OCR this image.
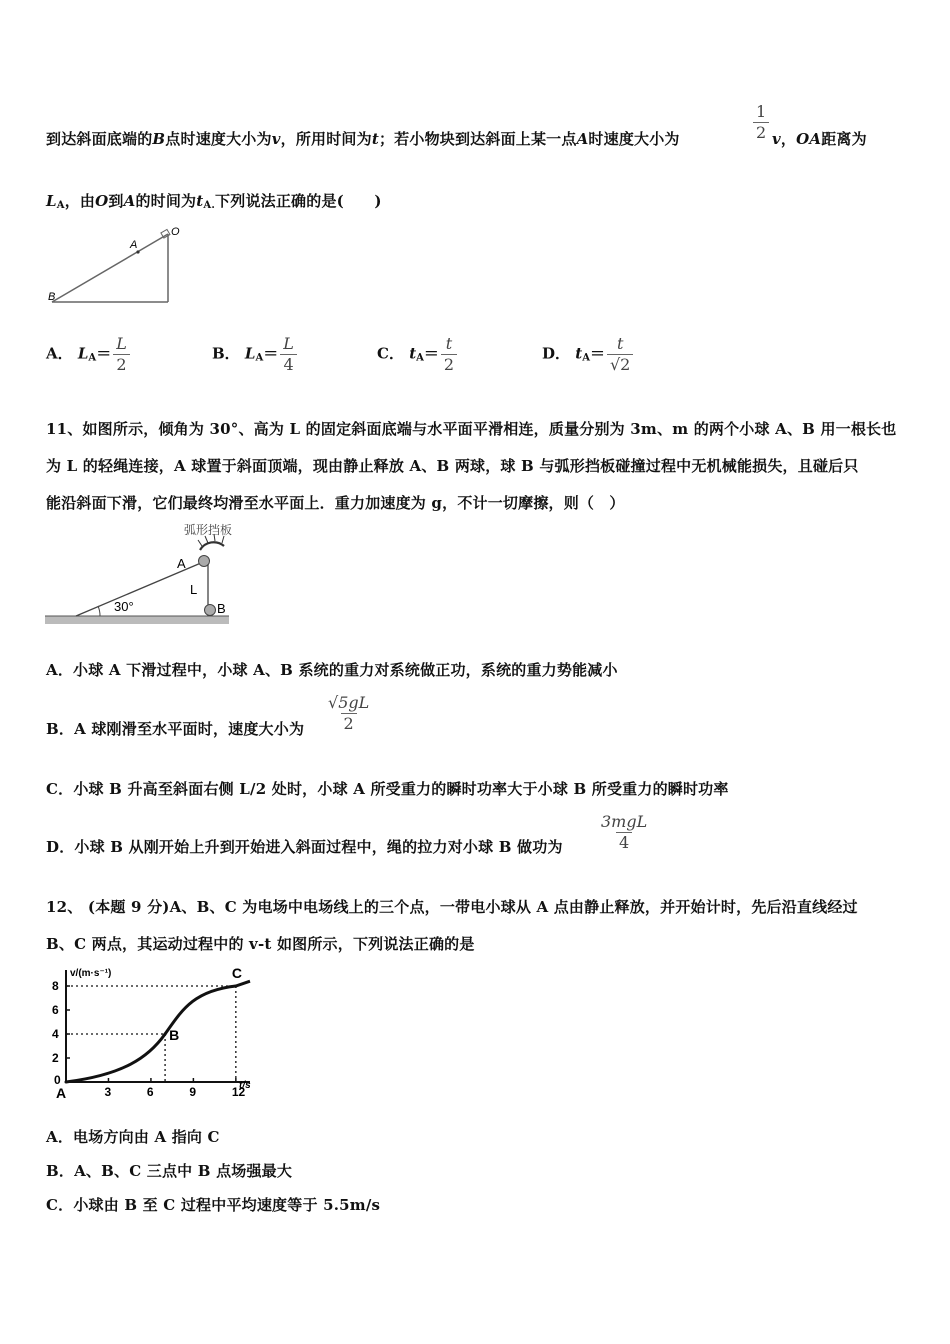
到达斜面底端的B点时速度大小为v，所用时间为t；若小物块到达斜面上某一点A时速度大小为	$\frac{1}{2}$ v，OA距离为
$L_A$，由O到A的时间为$t_{A.}$下列说法正确的是(　　)
O
A
B
A． $L_A= \frac{L}{2}$	B． $L_A= \frac{L}{4}$	C． $t_A= \frac{t}{2}$	D． $t_A= \frac{t}{√2}$
11、如图所示，倾角为 30°、高为 L 的固定斜面底端与水平面平滑相连，质量分别为 3m、m 的两个小球 A、B 用一根长也
为 L 的轻绳连接，A 球置于斜面顶端，现由静止释放 A、B 两球，球 B 与弧形挡板碰撞过程中无机械能损失，且碰后只
能沿斜面下滑，它们最终均滑至水平面上．重力加速度为 g，不计一切摩擦，则（　）
弧形挡板
A
L
B
30°
A．小球 A 下滑过程中，小球 A、B 系统的重力对系统做正功，系统的重力势能减小
B．A 球刚滑至水平面时，速度大小为 $\frac{√5gL}{2}$
C．小球 B 升高至斜面右侧 L/2 处时，小球 A 所受重力的瞬时功率大于小球 B 所受重力的瞬时功率
D．小球 B 从刚开始上升到开始进入斜面过程中，绳的拉力对小球 B 做功为 $\frac{\text{3mgL}}{4}$
12、 (本题 9 分)A、B、C 为电场中电场线上的三个点，一带电小球从 A 点由静止释放，并开始计时，先后沿直线经过
B、C 两点，其运动过程中的 v-t 如图所示，下列说法正确的是
v/(m·s⁻¹)
t/s
0
2
4
6
8
3	6	9	12
A
B
C
A．电场方向由 A 指向 C
B．A、B、C 三点中 B 点场强最大
C．小球由 B 至 C 过程中平均速度等于 5.5m/s
